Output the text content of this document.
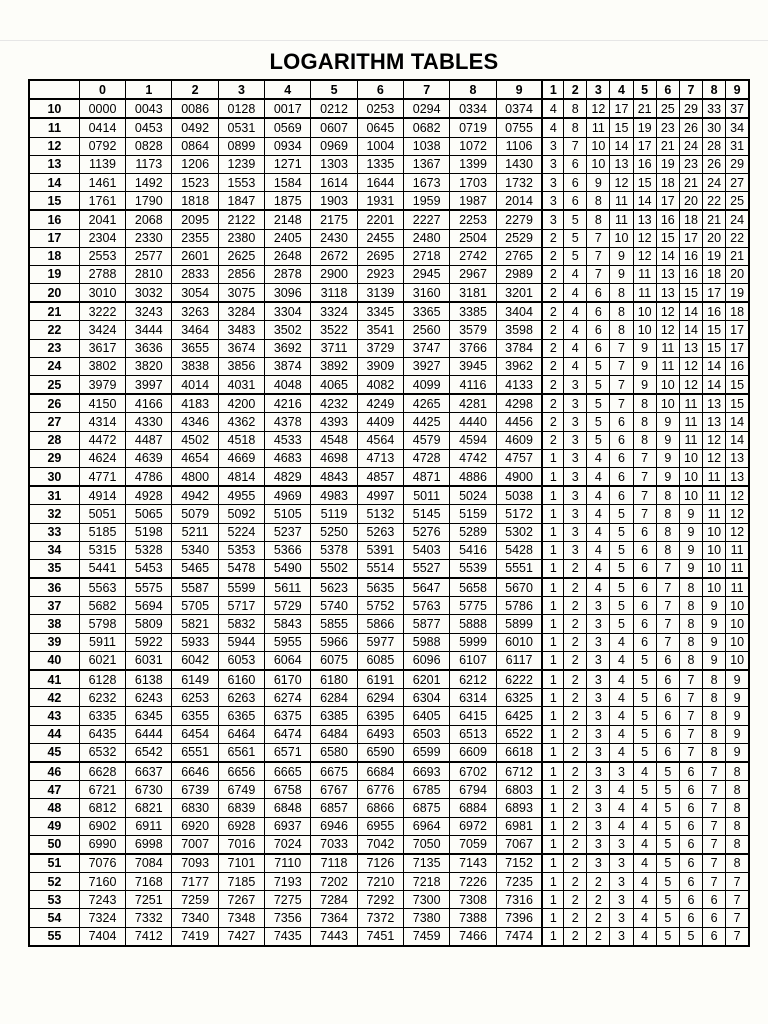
LOGARITHM TABLES
	0	1	2	3	4	5	6	7	8	9	1	2	3	4	5	6	7	8	9
10	0000	0043	0086	0128	0017	0212	0253	0294	0334	0374	4	8	12	17	21	25	29	33	37
11	0414	0453	0492	0531	0569	0607	0645	0682	0719	0755	4	8	11	15	19	23	26	30	34
12	0792	0828	0864	0899	0934	0969	1004	1038	1072	1106	3	7	10	14	17	21	24	28	31
13	1139	1173	1206	1239	1271	1303	1335	1367	1399	1430	3	6	10	13	16	19	23	26	29
14	1461	1492	1523	1553	1584	1614	1644	1673	1703	1732	3	6	9	12	15	18	21	24	27
15	1761	1790	1818	1847	1875	1903	1931	1959	1987	2014	3	6	8	11	14	17	20	22	25
16	2041	2068	2095	2122	2148	2175	2201	2227	2253	2279	3	5	8	11	13	16	18	21	24
17	2304	2330	2355	2380	2405	2430	2455	2480	2504	2529	2	5	7	10	12	15	17	20	22
18	2553	2577	2601	2625	2648	2672	2695	2718	2742	2765	2	5	7	9	12	14	16	19	21
19	2788	2810	2833	2856	2878	2900	2923	2945	2967	2989	2	4	7	9	11	13	16	18	20
20	3010	3032	3054	3075	3096	3118	3139	3160	3181	3201	2	4	6	8	11	13	15	17	19
21	3222	3243	3263	3284	3304	3324	3345	3365	3385	3404	2	4	6	8	10	12	14	16	18
22	3424	3444	3464	3483	3502	3522	3541	2560	3579	3598	2	4	6	8	10	12	14	15	17
23	3617	3636	3655	3674	3692	3711	3729	3747	3766	3784	2	4	6	7	9	11	13	15	17
24	3802	3820	3838	3856	3874	3892	3909	3927	3945	3962	2	4	5	7	9	11	12	14	16
25	3979	3997	4014	4031	4048	4065	4082	4099	4116	4133	2	3	5	7	9	10	12	14	15
26	4150	4166	4183	4200	4216	4232	4249	4265	4281	4298	2	3	5	7	8	10	11	13	15
27	4314	4330	4346	4362	4378	4393	4409	4425	4440	4456	2	3	5	6	8	9	11	13	14
28	4472	4487	4502	4518	4533	4548	4564	4579	4594	4609	2	3	5	6	8	9	11	12	14
29	4624	4639	4654	4669	4683	4698	4713	4728	4742	4757	1	3	4	6	7	9	10	12	13
30	4771	4786	4800	4814	4829	4843	4857	4871	4886	4900	1	3	4	6	7	9	10	11	13
31	4914	4928	4942	4955	4969	4983	4997	5011	5024	5038	1	3	4	6	7	8	10	11	12
32	5051	5065	5079	5092	5105	5119	5132	5145	5159	5172	1	3	4	5	7	8	9	11	12
33	5185	5198	5211	5224	5237	5250	5263	5276	5289	5302	1	3	4	5	6	8	9	10	12
34	5315	5328	5340	5353	5366	5378	5391	5403	5416	5428	1	3	4	5	6	8	9	10	11
35	5441	5453	5465	5478	5490	5502	5514	5527	5539	5551	1	2	4	5	6	7	9	10	11
36	5563	5575	5587	5599	5611	5623	5635	5647	5658	5670	1	2	4	5	6	7	8	10	11
37	5682	5694	5705	5717	5729	5740	5752	5763	5775	5786	1	2	3	5	6	7	8	9	10
38	5798	5809	5821	5832	5843	5855	5866	5877	5888	5899	1	2	3	5	6	7	8	9	10
39	5911	5922	5933	5944	5955	5966	5977	5988	5999	6010	1	2	3	4	6	7	8	9	10
40	6021	6031	6042	6053	6064	6075	6085	6096	6107	6117	1	2	3	4	5	6	8	9	10
41	6128	6138	6149	6160	6170	6180	6191	6201	6212	6222	1	2	3	4	5	6	7	8	9
42	6232	6243	6253	6263	6274	6284	6294	6304	6314	6325	1	2	3	4	5	6	7	8	9
43	6335	6345	6355	6365	6375	6385	6395	6405	6415	6425	1	2	3	4	5	6	7	8	9
44	6435	6444	6454	6464	6474	6484	6493	6503	6513	6522	1	2	3	4	5	6	7	8	9
45	6532	6542	6551	6561	6571	6580	6590	6599	6609	6618	1	2	3	4	5	6	7	8	9
46	6628	6637	6646	6656	6665	6675	6684	6693	6702	6712	1	2	3	3	4	5	6	7	8
47	6721	6730	6739	6749	6758	6767	6776	6785	6794	6803	1	2	3	4	5	5	6	7	8
48	6812	6821	6830	6839	6848	6857	6866	6875	6884	6893	1	2	3	4	4	5	6	7	8
49	6902	6911	6920	6928	6937	6946	6955	6964	6972	6981	1	2	3	4	4	5	6	7	8
50	6990	6998	7007	7016	7024	7033	7042	7050	7059	7067	1	2	3	3	4	5	6	7	8
51	7076	7084	7093	7101	7110	7118	7126	7135	7143	7152	1	2	3	3	4	5	6	7	8
52	7160	7168	7177	7185	7193	7202	7210	7218	7226	7235	1	2	2	3	4	5	6	7	7
53	7243	7251	7259	7267	7275	7284	7292	7300	7308	7316	1	2	2	3	4	5	6	6	7
54	7324	7332	7340	7348	7356	7364	7372	7380	7388	7396	1	2	2	3	4	5	6	6	7
55	7404	7412	7419	7427	7435	7443	7451	7459	7466	7474	1	2	2	3	4	5	5	6	7
